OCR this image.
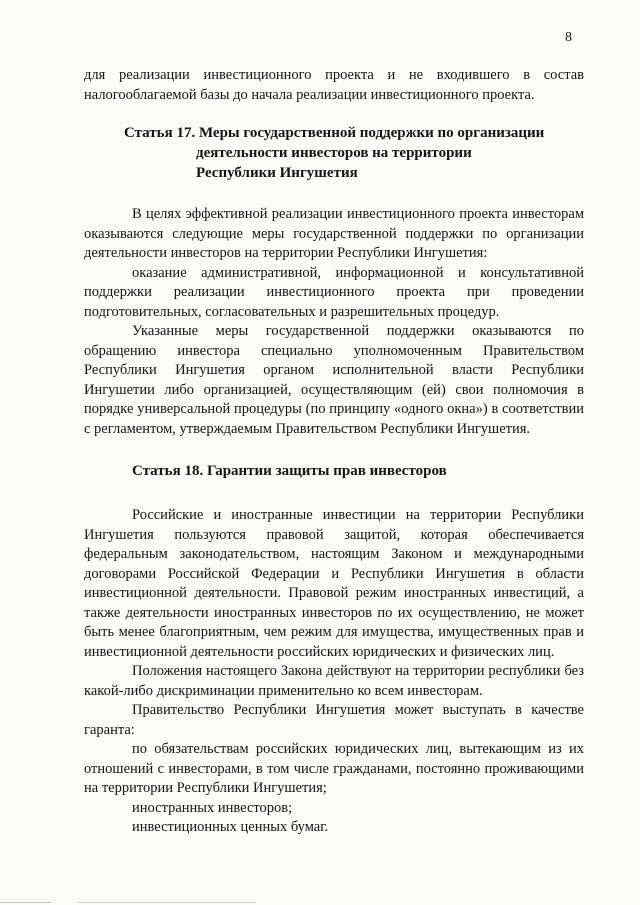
8

для реализации инвестиционного проекта и не входившего в состав налогооблагаемой базы до начала реализации инвестиционного проекта.

Статья 17. Меры государственной поддержки по организации
деятельности инвесторов на территории
Республики Ингушетия

В целях эффективной реализации инвестиционного проекта инвесторам оказываются следующие меры государственной поддержки по организации деятельности инвесторов на территории Республики Ингушетия:

оказание административной, информационной и консультативной поддержки реализации инвестиционного проекта при проведении подготовительных, согласовательных и разрешительных процедур.

Указанные меры государственной поддержки оказываются по обращению инвестора специально уполномоченным Правительством Республики Ингушетия органом исполнительной власти Республики Ингушетии либо организацией, осуществляющим (ей) свои полномочия в порядке универсальной процедуры (по принципу «одного окна») в соответствии с регламентом, утверждаемым Правительством Республики Ингушетия.

Статья 18. Гарантии защиты прав инвесторов

Российские и иностранные инвестиции на территории Республики Ингушетия пользуются правовой защитой, которая обеспечивается федеральным законодательством, настоящим Законом и международными договорами Российской Федерации и Республики Ингушетия в области инвестиционной деятельности. Правовой режим иностранных инвестиций, а также деятельности иностранных инвесторов по их осуществлению, не может быть менее благоприятным, чем режим для имущества, имущественных прав и инвестиционной деятельности российских юридических и физических лиц.

Положения настоящего Закона действуют на территории республики без какой-либо дискриминации применительно ко всем инвесторам.

Правительство Республики Ингушетия может выступать в качестве гаранта:

по обязательствам российских юридических лиц, вытекающим из их отношений с инвесторами, в том числе гражданами, постоянно проживающими на территории Республики Ингушетия;

иностранных инвесторов;

инвестиционных ценных бумаг.
